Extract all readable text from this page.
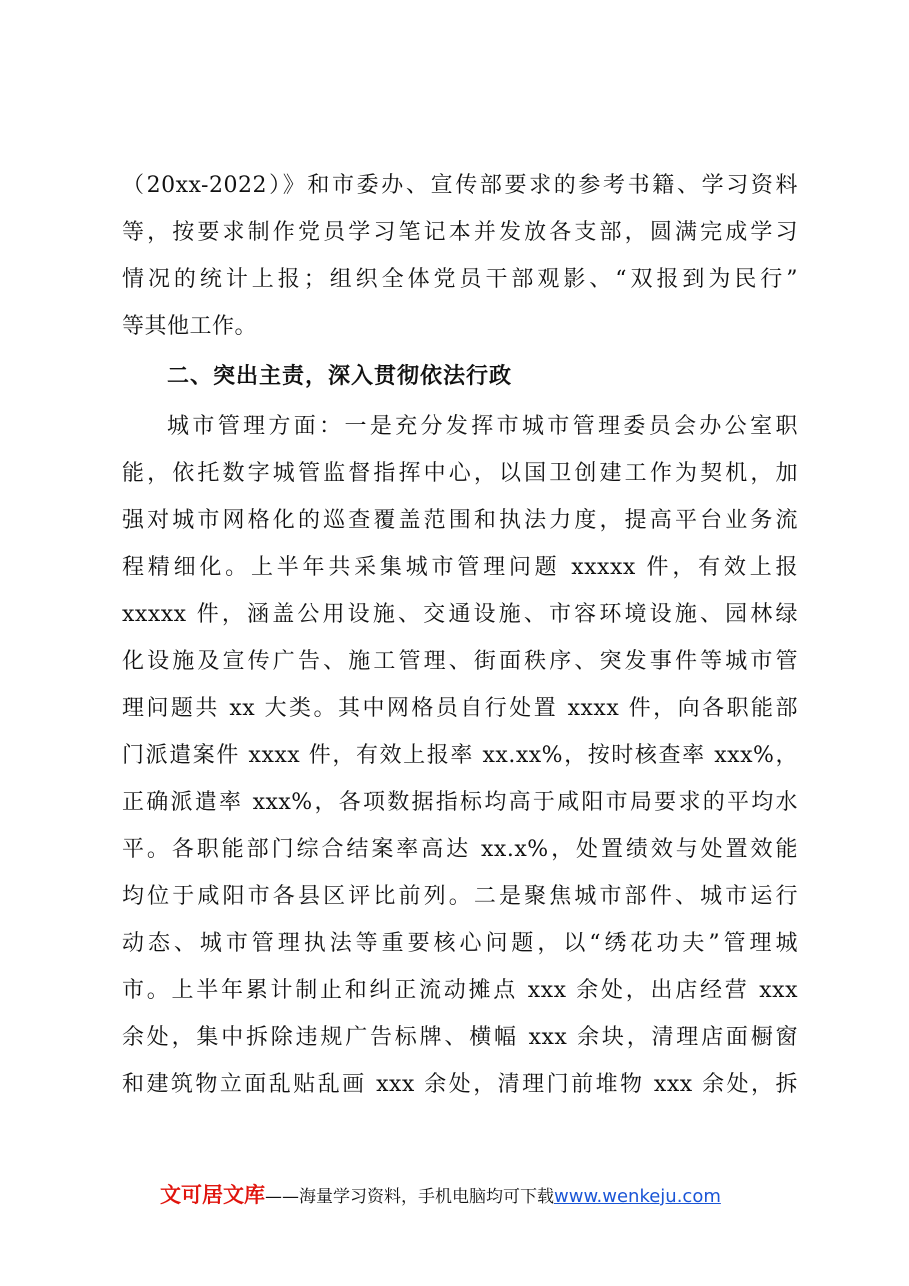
（20xx-2022）》和市委办、宣传部要求的参考书籍、学习资料
等，按要求制作党员学习笔记本并发放各支部，圆满完成学习
情况的统计上报；组织全体党员干部观影、“双报到为民行”
等其他工作。
二、突出主责，深入贯彻依法行政
城市管理方面：一是充分发挥市城市管理委员会办公室职
能，依托数字城管监督指挥中心，以国卫创建工作为契机，加
强对城市网格化的巡查覆盖范围和执法力度，提高平台业务流
程精细化。上半年共采集城市管理问题 xxxxx 件，有效上报
xxxxx 件，涵盖公用设施、交通设施、市容环境设施、园林绿
化设施及宣传广告、施工管理、街面秩序、突发事件等城市管
理问题共 xx 大类。其中网格员自行处置 xxxx 件，向各职能部
门派遣案件 xxxx 件，有效上报率 xx.xx%，按时核查率 xxx%，
正确派遣率 xxx%，各项数据指标均高于咸阳市局要求的平均水
平。各职能部门综合结案率高达 xx.x%，处置绩效与处置效能
均位于咸阳市各县区评比前列。二是聚焦城市部件、城市运行
动态、城市管理执法等重要核心问题，以“绣花功夫”管理城
市。上半年累计制止和纠正流动摊点 xxx 余处，出店经营 xxx
余处，集中拆除违规广告标牌、横幅 xxx 余块，清理店面橱窗
和建筑物立面乱贴乱画 xxx 余处，清理门前堆物 xxx 余处，拆
文可居文库——海量学习资料，手机电脑均可下载www.wenkeju.com
